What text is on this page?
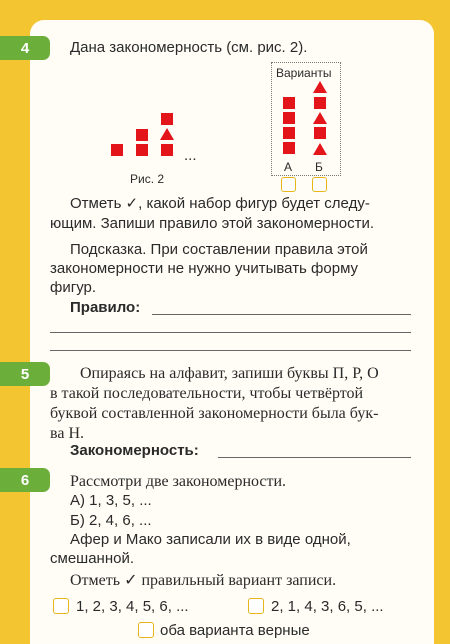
4	Дана закономерность (см. рис. 2).
...
Рис. 2
Варианты
А Б
Отметь ✓, какой набор фигур будет следу-
ющим. Запиши правило этой закономерности.
Подсказка. При составлении правила этой
закономерности не нужно учитывать форму
фигур.
Правило:
5	Опираясь на алфавит, запиши буквы П, Р, О
в такой последовательности, чтобы четвёртой
буквой составленной закономерности была бук-
ва Н.
Закономерность:
6	Рассмотри две закономерности.
А) 1, 3, 5, ...
Б) 2, 4, 6, ...
Афер и Мако записали их в виде одной,
смешанной.
Отметь ✓ правильный вариант записи.
1, 2, 3, 4, 5, 6, ...	2, 1, 4, 3, 6, 5, ...
оба варианта верные
